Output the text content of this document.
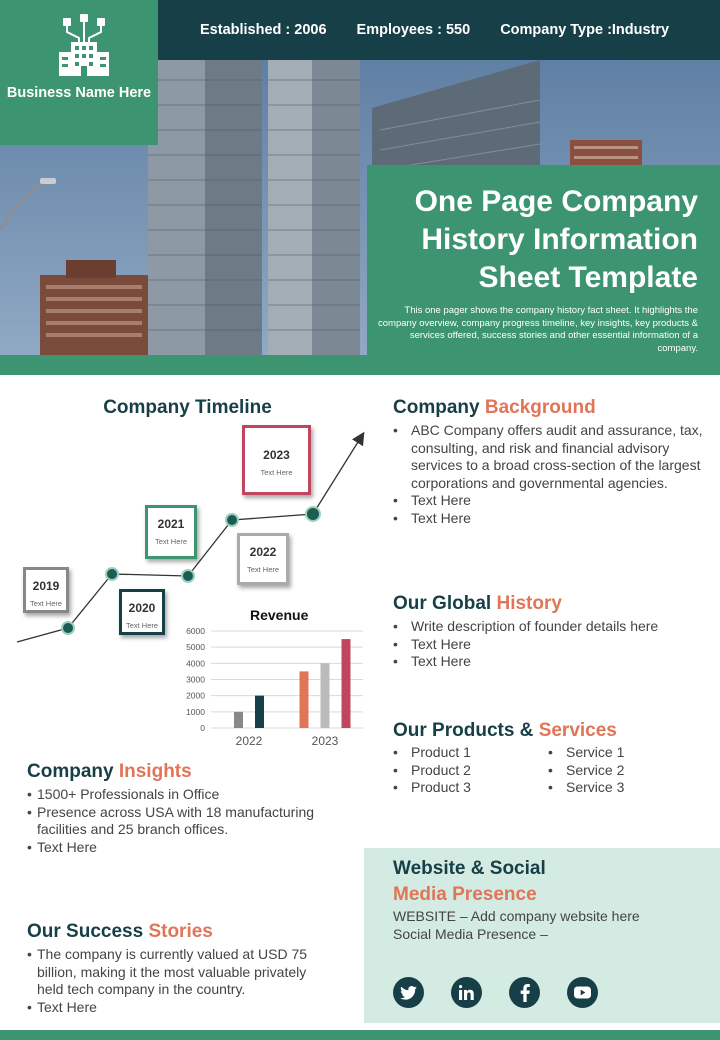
Established : 2006 Employees : 550 Company Type :Industry
Business Name Here
One Page Company History Information Sheet Template
This one pager shows the company history fact sheet. It highlights the company overview, company progress timeline, key insights, key products & services offered, success stories and other essential information of a company.
Company Timeline
2019
Text Here	2020
Text Here
2021
Text Here
2022
Text Here
2023
Text Here
Revenue
0
1000
2000
3000
4000
5000
6000
2022	2023
Company Background
• ABC Company offers audit and assurance, tax, consulting, and risk and financial advisory services to a broad cross-section of the largest corporations and governmental agencies.
• Text Here
• Text Here
Our Global History
• Write description of founder details here
• Text Here
• Text Here
Our Products & Services
• Product 1
• Product 2
• Product 3
• Service 1
• Service 2
• Service 3
Company Insights
• 1500+ Professionals in Office
• Presence across USA with 18 manufacturing facilities and 25 branch offices.
• Text Here
Our Success Stories
• The company is currently valued at USD 75 billion, making it the most valuable privately held tech company in the country.
• Text Here
Website & Social
Media Presence
WEBSITE – Add company website here
Social Media Presence –
